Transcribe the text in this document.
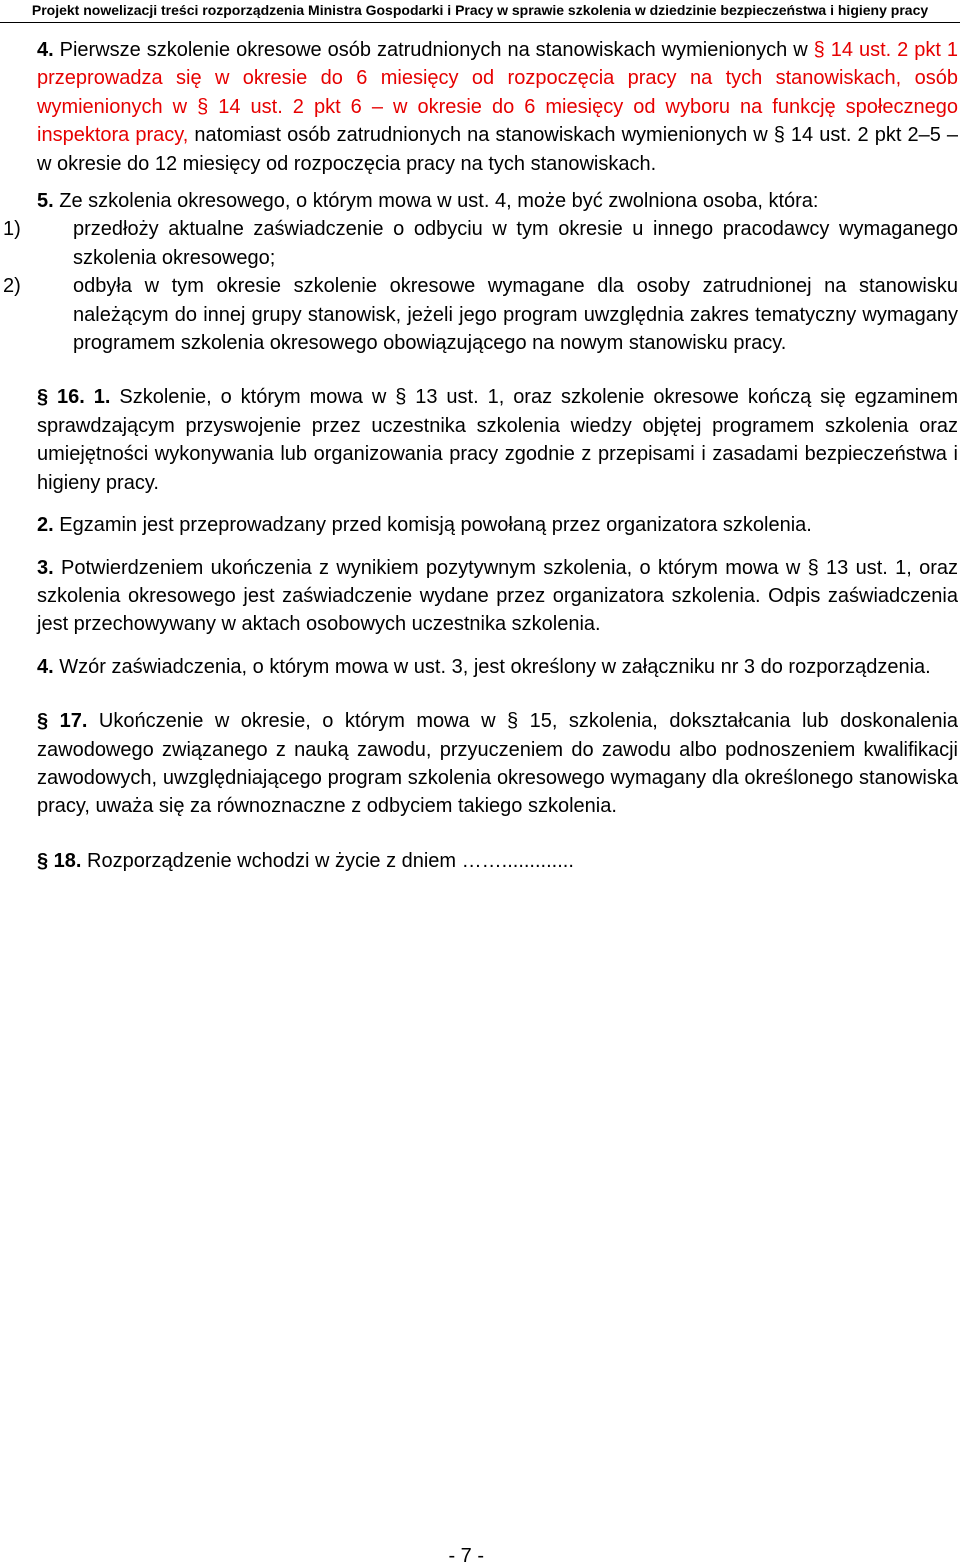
Projekt nowelizacji treści rozporządzenia Ministra Gospodarki i Pracy w sprawie szkolenia w dziedzinie bezpieczeństwa i higieny pracy

4. Pierwsze szkolenie okresowe osób zatrudnionych na stanowiskach wymienionych w § 14 ust. 2 pkt 1 przeprowadza się w okresie do 6 miesięcy od rozpoczęcia pracy na tych stanowiskach, osób wymienionych w § 14 ust. 2 pkt 6 – w okresie do 6 miesięcy od wyboru na funkcję społecznego inspektora pracy, natomiast osób zatrudnionych na stanowiskach wymienionych w § 14 ust. 2 pkt 2–5 – w okresie do 12 miesięcy od rozpoczęcia pracy na tych stanowiskach.

5. Ze szkolenia okresowego, o którym mowa w ust. 4, może być zwolniona osoba, która:

1)	przedłoży aktualne zaświadczenie o odbyciu w tym okresie u innego pracodawcy wymaganego szkolenia okresowego;
2)	odbyła w tym okresie szkolenie okresowe wymagane dla osoby zatrudnionej na stanowisku należącym do innej grupy stanowisk, jeżeli jego program uwzględnia zakres tematyczny wymagany programem szkolenia okresowego obowiązującego na nowym stanowisku pracy.

§ 16. 1. Szkolenie, o którym mowa w § 13 ust. 1, oraz szkolenie okresowe kończą się egzaminem sprawdzającym przyswojenie przez uczestnika szkolenia wiedzy objętej programem szkolenia oraz umiejętności wykonywania lub organizowania pracy zgodnie z przepisami i zasadami bezpieczeństwa i higieny pracy.

2. Egzamin jest przeprowadzany przed komisją powołaną przez organizatora szkolenia.

3. Potwierdzeniem ukończenia z wynikiem pozytywnym szkolenia, o którym mowa w § 13 ust. 1, oraz szkolenia okresowego jest zaświadczenie wydane przez organizatora szkolenia. Odpis zaświadczenia jest przechowywany w aktach osobowych uczestnika szkolenia.

4. Wzór zaświadczenia, o którym mowa w ust. 3, jest określony w załączniku nr 3 do rozporządzenia.

§ 17. Ukończenie w okresie, o którym mowa w § 15, szkolenia, dokształcania lub doskonalenia zawodowego związanego z nauką zawodu, przyuczeniem do zawodu albo podnoszeniem kwalifikacji zawodowych, uwzględniającego program szkolenia okresowego wymagany dla określonego stanowiska pracy, uważa się za równoznaczne z odbyciem takiego szkolenia.

§ 18. Rozporządzenie wchodzi w życie z dniem …….............

- 7 -
